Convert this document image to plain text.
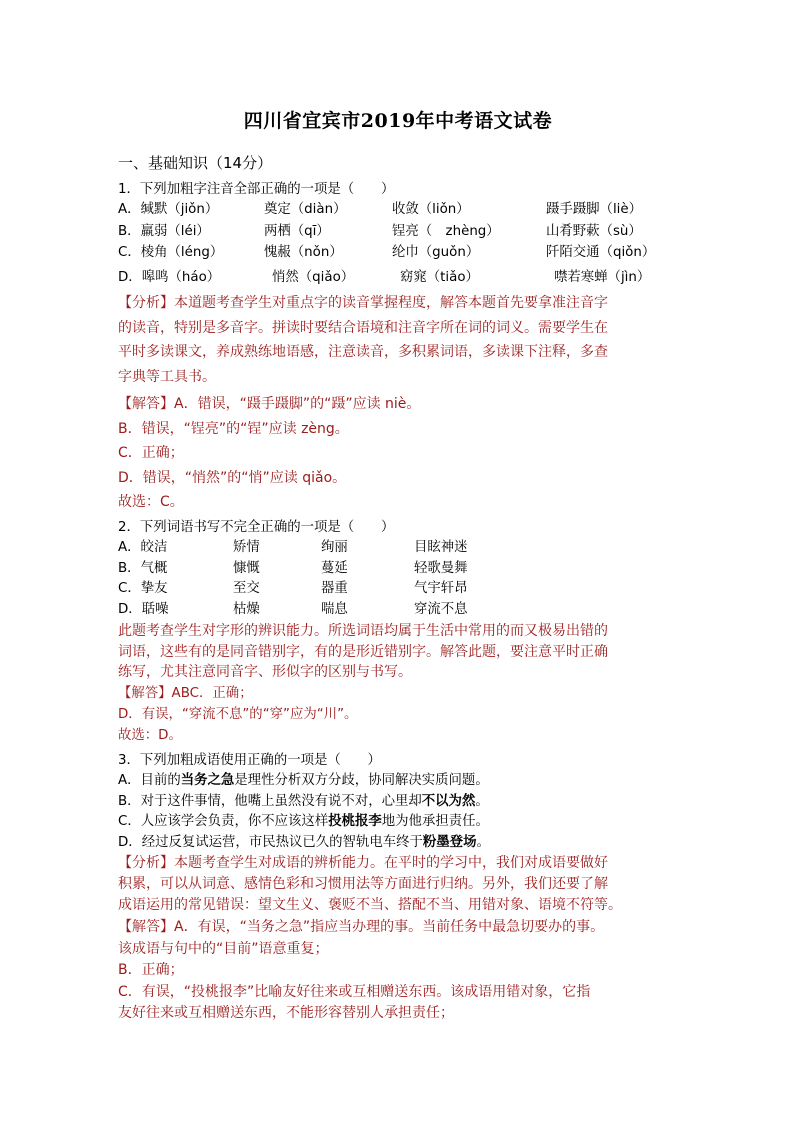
四川省宜宾市2019年中考语文试卷
一、基础知识（14分）
1．下列加粗字注音全部正确的一项是（　　）
A．缄默（jiǒn）	奠定（diàn）	收敛（liǒn）	蹑手蹑脚（liè）
B．羸弱（léi）	两栖（qī）	锃亮（　zhèng）	山肴野蔌（sù）
C．棱角（léng）	愧赧（nǒn）	纶巾（guǒn）	阡陌交通（qiǒn）
D．嗥鸣（háo）	悄然（qiǎo）	窈窕（tiǎo）	噤若寒蝉（jìn）
【分析】本道题考查学生对重点字的读音掌握程度，解答本题首先要拿准注音字
的读音，特别是多音字。拼读时要结合语境和注音字所在词的词义。需要学生在
平时多读课文，养成熟练地语感，注意读音，多积累词语，多读课下注释，多查
字典等工具书。
【解答】A．错误，“蹑手蹑脚”的“蹑”应读 niè。
B．错误，“锃亮”的“锃”应读 zèng。
C．正确；
D．错误，“悄然”的“悄”应读 qiǎo。
故选：C。
2．下列词语书写不完全正确的一项是（　　）
A．皎洁	矫情	绚丽	目眩神迷
B．气概	慷慨	蔓延	轻歌曼舞
C．挚友	至交	器重	气宇轩昂
D．聒噪	枯燥	喘息	穿流不息
此题考查学生对字形的辨识能力。所选词语均属于生活中常用的而又极易出错的
词语，这些有的是同音错别字，有的是形近错别字。解答此题，要注意平时正确
练写，尤其注意同音字、形似字的区别与书写。
【解答】ABC．正确；
D．有误，“穿流不息”的“穿”应为“川”。
故选：D。
3．下列加粗成语使用正确的一项是（　　）
A．目前的当务之急是理性分析双方分歧，协同解决实质问题。
B．对于这件事情，他嘴上虽然没有说不对，心里却不以为然。
C．人应该学会负责，你不应该这样投桃报李地为他承担责任。
D．经过反复试运营，市民热议已久的智轨电车终于粉墨登场。
【分析】本题考查学生对成语的辨析能力。在平时的学习中，我们对成语要做好
积累，可以从词意、感情色彩和习惯用法等方面进行归纳。另外，我们还要了解
成语运用的常见错误：望文生义、褒贬不当、搭配不当、用错对象、语境不符等。
【解答】A．有误，“当务之急”指应当办理的事。当前任务中最急切要办的事。
该成语与句中的“目前”语意重复；
B．正确；
C．有误，“投桃报李”比喻友好往来或互相赠送东西。该成语用错对象，它指
友好往来或互相赠送东西，不能形容替别人承担责任；
